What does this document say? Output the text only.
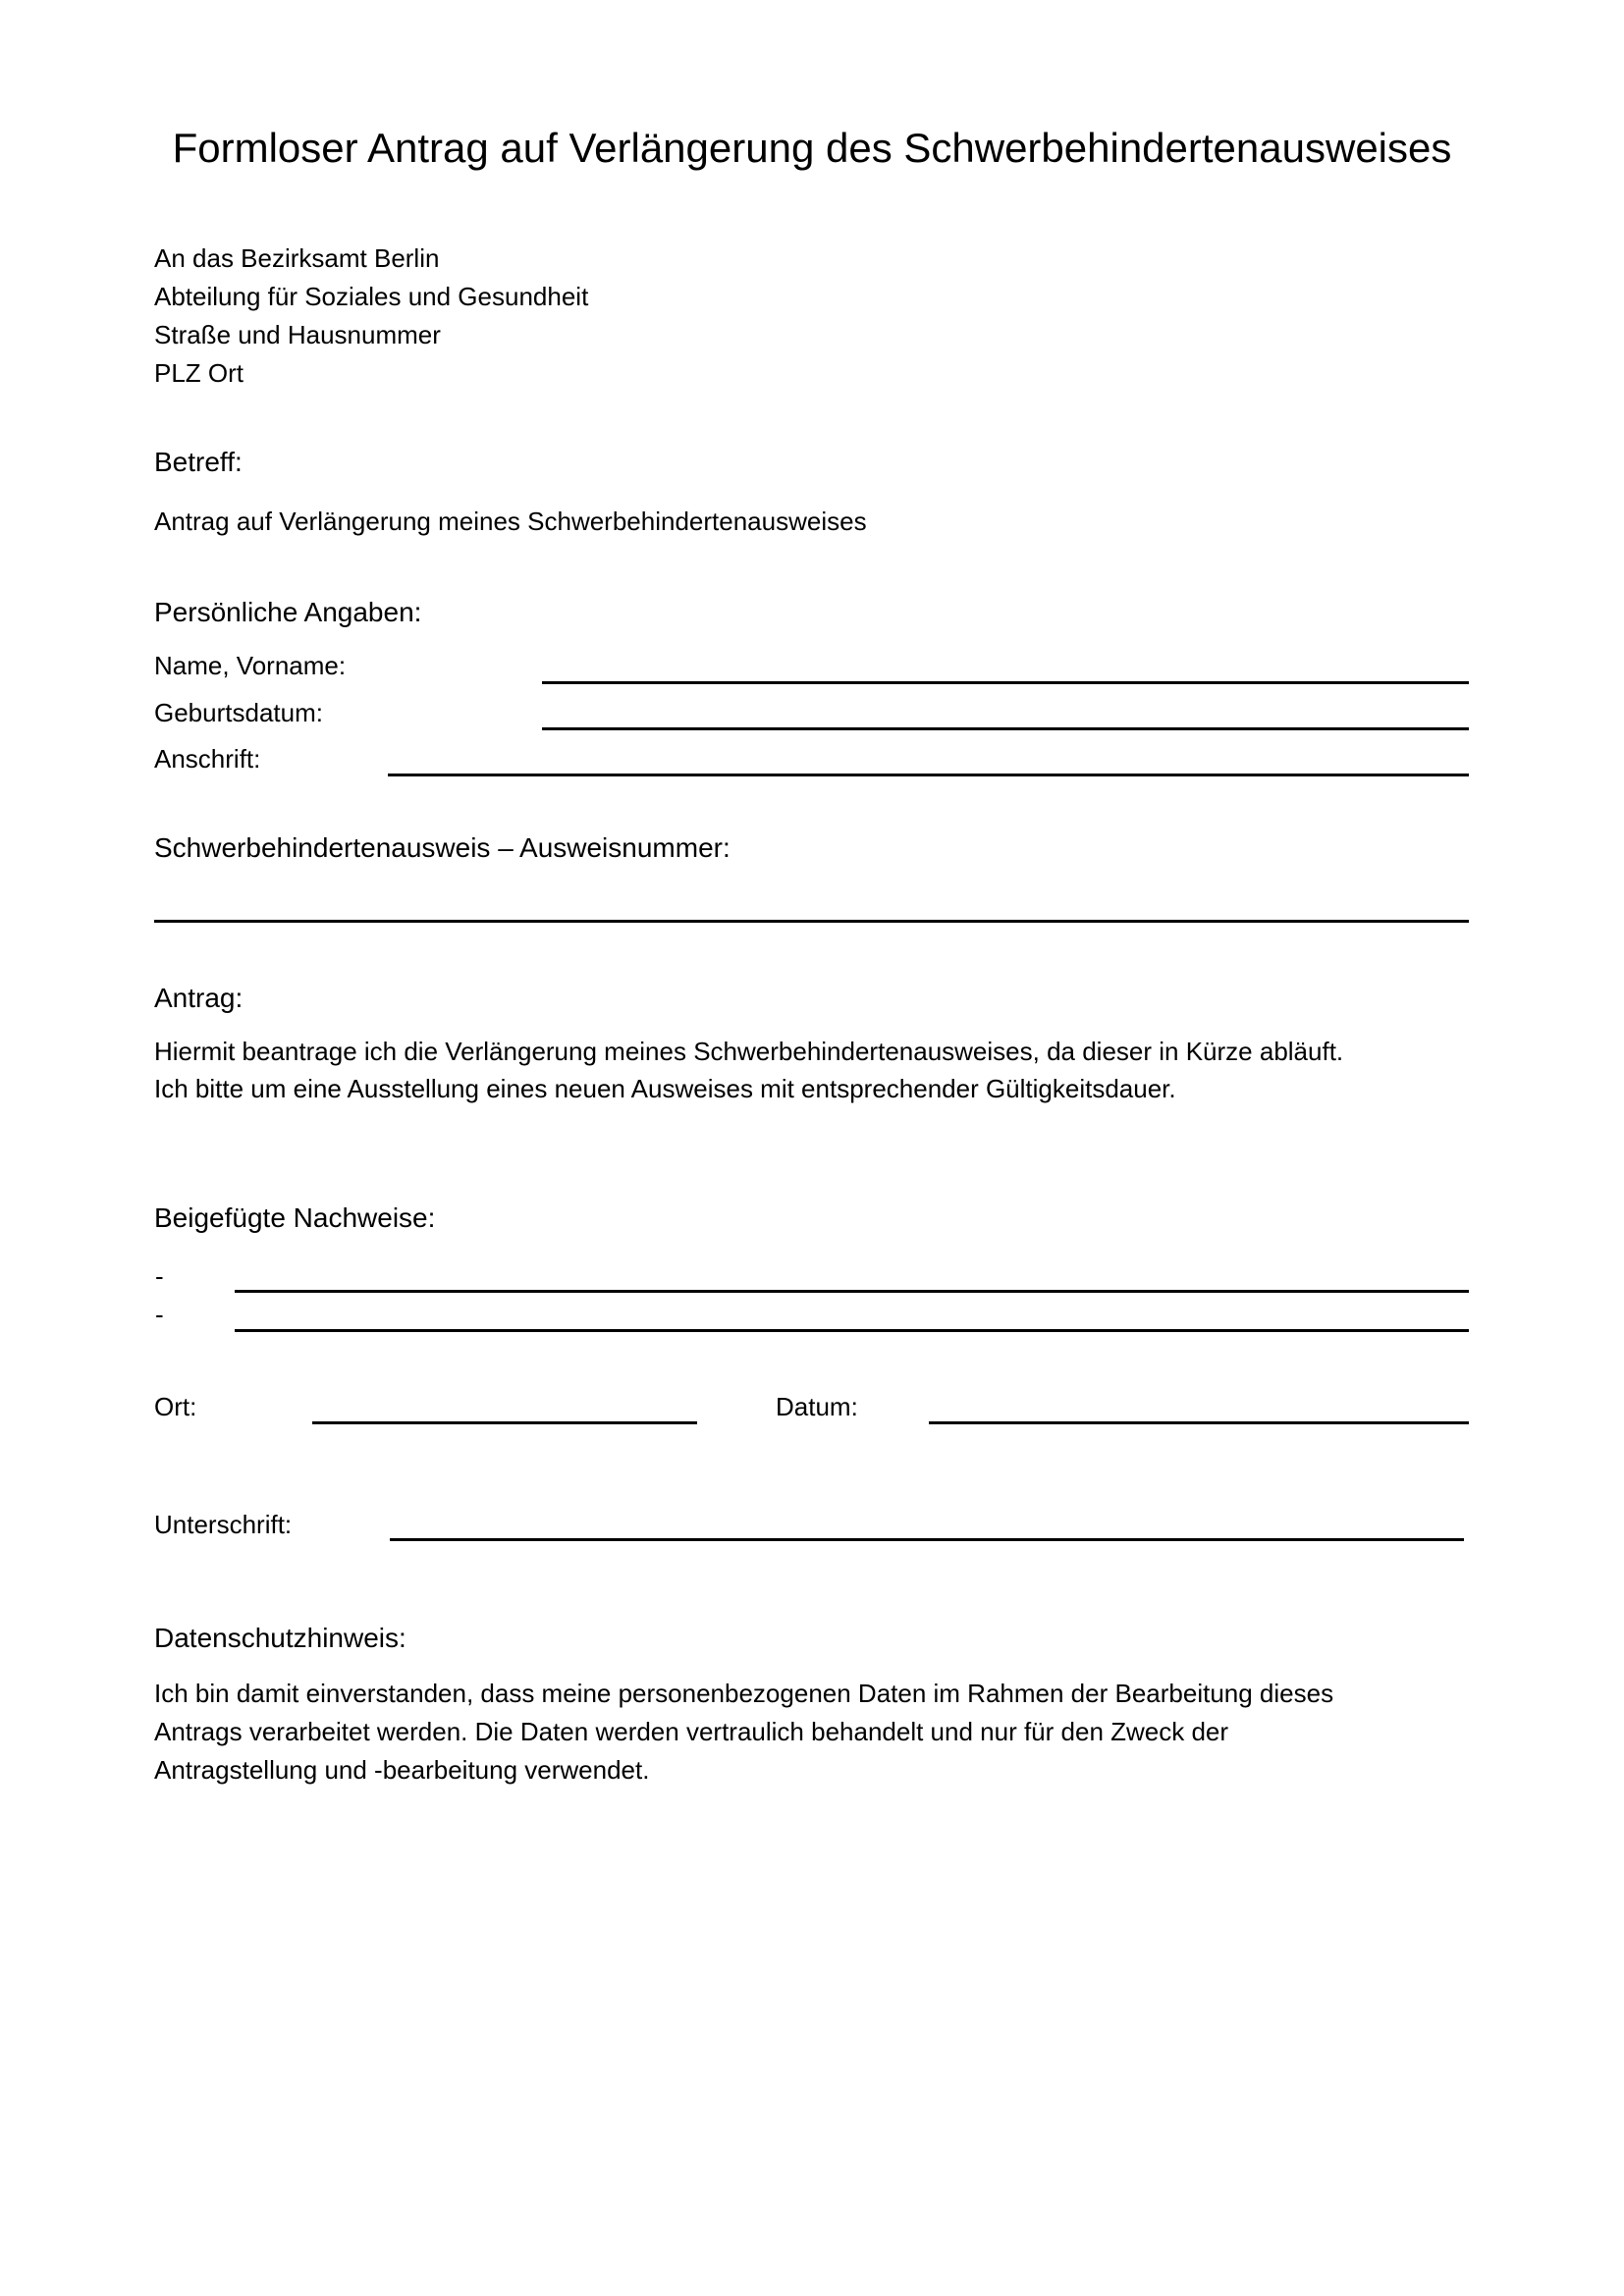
Formloser Antrag auf Verlängerung des Schwerbehindertenausweises
An das Bezirksamt Berlin
Abteilung für Soziales und Gesundheit
Straße und Hausnummer
PLZ Ort
Betreff:
Antrag auf Verlängerung meines Schwerbehindertenausweises
Persönliche Angaben:
Name, Vorname:
Geburtsdatum:
Anschrift:
Schwerbehindertenausweis – Ausweisnummer:
Antrag:
Hiermit beantrage ich die Verlängerung meines Schwerbehindertenausweises, da dieser in Kürze abläuft.
Ich bitte um eine Ausstellung eines neuen Ausweises mit entsprechender Gültigkeitsdauer.
Beigefügte Nachweise:
-
-
Ort:	Datum:
Unterschrift:
Datenschutzhinweis:
Ich bin damit einverstanden, dass meine personenbezogenen Daten im Rahmen der Bearbeitung dieses
Antrags verarbeitet werden. Die Daten werden vertraulich behandelt und nur für den Zweck der
Antragstellung und -bearbeitung verwendet.
